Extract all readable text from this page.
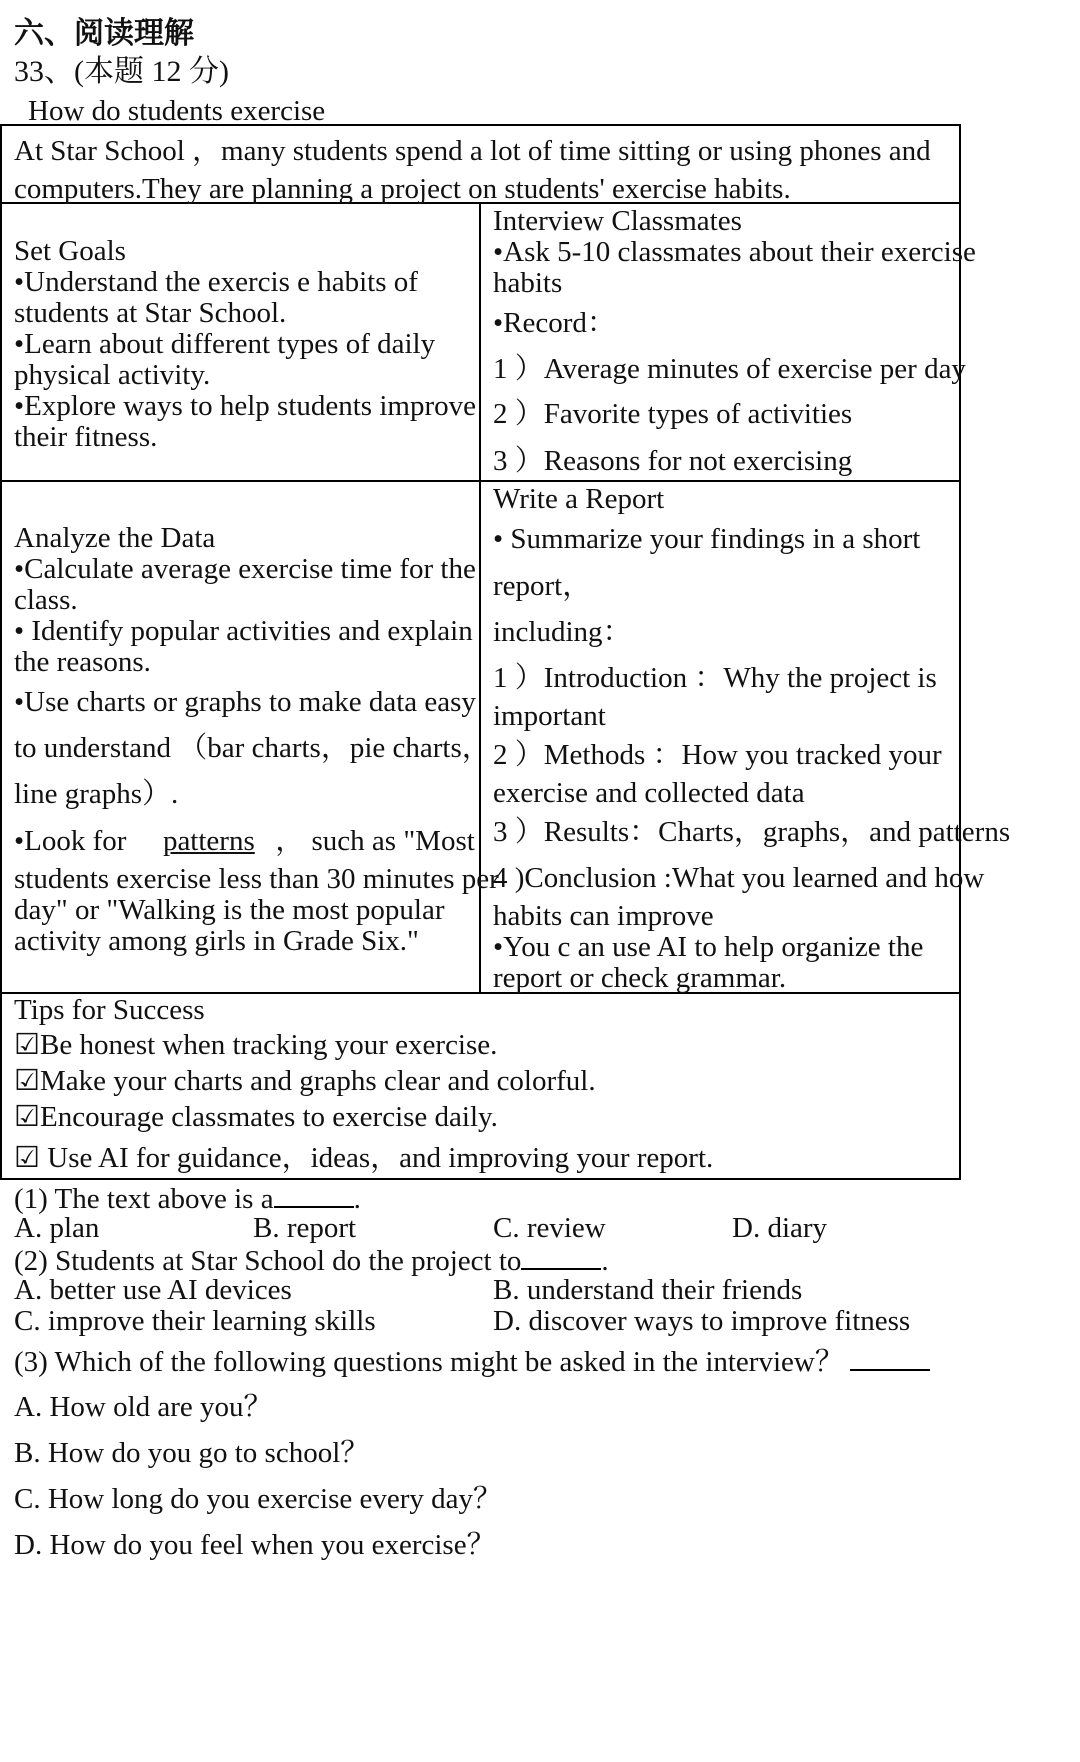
六、阅读理解
33、(本题 12 分)
How do students exercise
At Star School ，many students spend a lot of time sitting or using phones and
computers.They are planning a project on students' exercise habits.
Set Goals
•Understand the exercis e habits of
students at Star School.
•Learn about different types of daily
physical activity.
•Explore ways to help students improve
their fitness.
Interview Classmates
•Ask 5-10 classmates about their exercise
habits
•Record：
1 ）Average minutes of exercise per day
2 ）Favorite types of activities
3 ）Reasons for not exercising
Analyze the Data
•Calculate average exercise time for the
class.
• Identify popular activities and explain
the reasons.
•Use charts or graphs to make data easy
to understand （bar charts，pie charts，
line graphs）.
•Look for patterns ， such as "Most
students exercise less than 30 minutes per
day" or "Walking is the most popular
activity among girls in Grade Six."
Write a Report
• Summarize your findings in a short
report，
including：
1 ）Introduction ：Why the project is
important
2 ）Methods ：How you tracked your
exercise and collected data
3 ）Results：Charts，graphs，and patterns
4 )Conclusion :What you learned and how
habits can improve
•You c an use AI to help organize the
report or check grammar.
Tips for Success
☑Be honest when tracking your exercise.
☑Make your charts and graphs clear and colorful.
☑Encourage classmates to exercise daily.
☑ Use AI for guidance，ideas，and improving your report.
(1) The text above is a	.
A. plan	B. report	C. review	D. diary
(2) Students at Star School do the project to	.
A. better use AI devices	B. understand their friends
C. improve their learning skills	D. discover ways to improve fitness
(3) Which of the following questions might be asked in the interview？
A. How old are you？
B. How do you go to school？
C. How long do you exercise every day？
D. How do you feel when you exercise？
